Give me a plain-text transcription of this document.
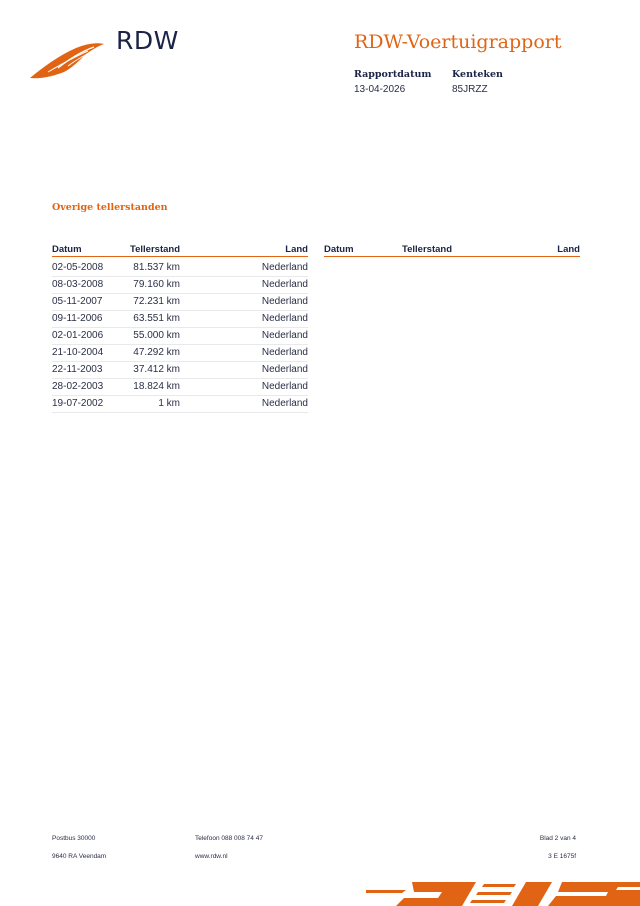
RDW	RDW-Voertuigrapport
Rapportdatum
13-04-2026
Kenteken
85JRZZ
Overige tellerstanden
Datum	Tellerstand	Land
02-05-2008	81.537 km	Nederland
08-03-2008	79.160 km	Nederland
05-11-2007	72.231 km	Nederland
09-11-2006	63.551 km	Nederland
02-01-2006	55.000 km	Nederland
21-10-2004	47.292 km	Nederland
22-11-2003	37.412 km	Nederland
28-02-2003	18.824 km	Nederland
19-07-2002	1 km	Nederland
Datum	Tellerstand	Land
Postbus 30000
9640 RA Veendam
Telefoon 088 008 74 47
www.rdw.nl
Blad 2 van 4
3 E 1675f
